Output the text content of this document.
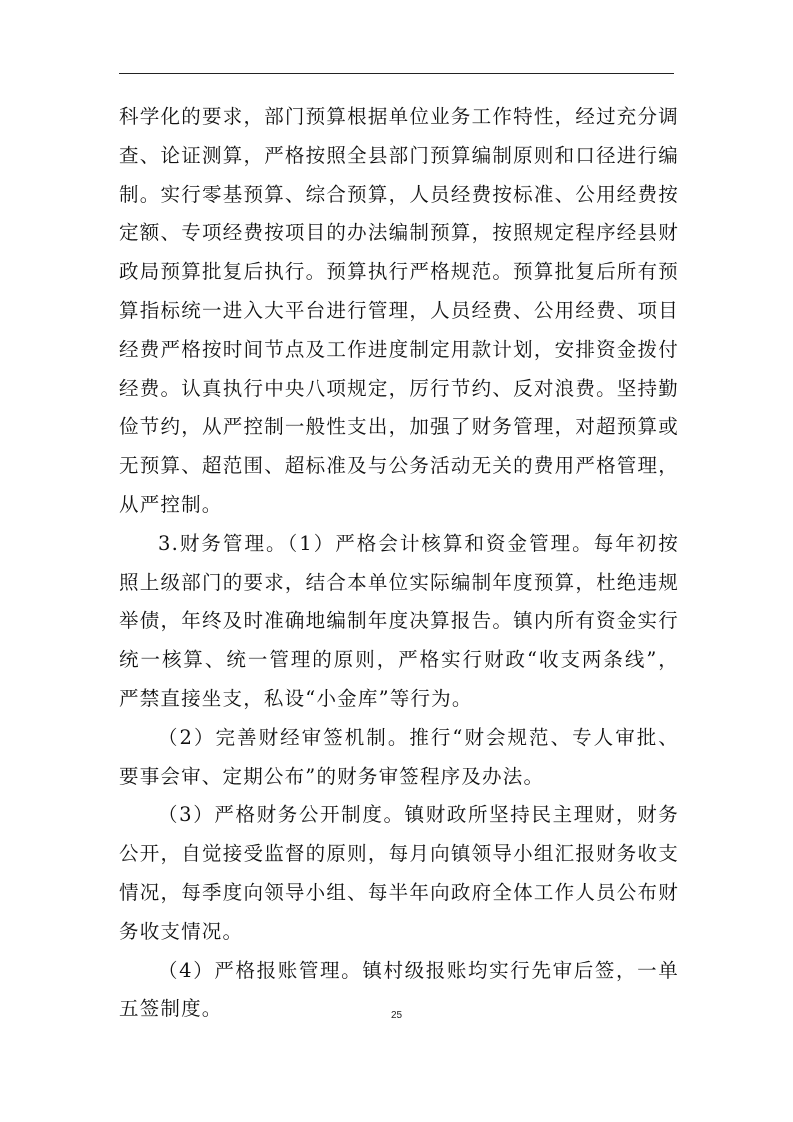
科学化的要求，部门预算根据单位业务工作特性，经过充分调查、论证测算，严格按照全县部门预算编制原则和口径进行编制。实行零基预算、综合预算，人员经费按标准、公用经费按定额、专项经费按项目的办法编制预算，按照规定程序经县财政局预算批复后执行。预算执行严格规范。预算批复后所有预算指标统一进入大平台进行管理，人员经费、公用经费、项目经费严格按时间节点及工作进度制定用款计划，安排资金拨付经费。认真执行中央八项规定，厉行节约、反对浪费。坚持勤俭节约，从严控制一般性支出，加强了财务管理，对超预算或无预算、超范围、超标准及与公务活动无关的费用严格管理，从严控制。

3.财务管理。（1）严格会计核算和资金管理。每年初按照上级部门的要求，结合本单位实际编制年度预算，杜绝违规举债，年终及时准确地编制年度决算报告。镇内所有资金实行统一核算、统一管理的原则，严格实行财政“收支两条线”，严禁直接坐支，私设“小金库”等行为。

（2）完善财经审签机制。推行“财会规范、专人审批、要事会审、定期公布”的财务审签程序及办法。

（3）严格财务公开制度。镇财政所坚持民主理财，财务公开，自觉接受监督的原则，每月向镇领导小组汇报财务收支情况，每季度向领导小组、每半年向政府全体工作人员公布财务收支情况。

（4）严格报账管理。镇村级报账均实行先审后签，一单五签制度。	25
